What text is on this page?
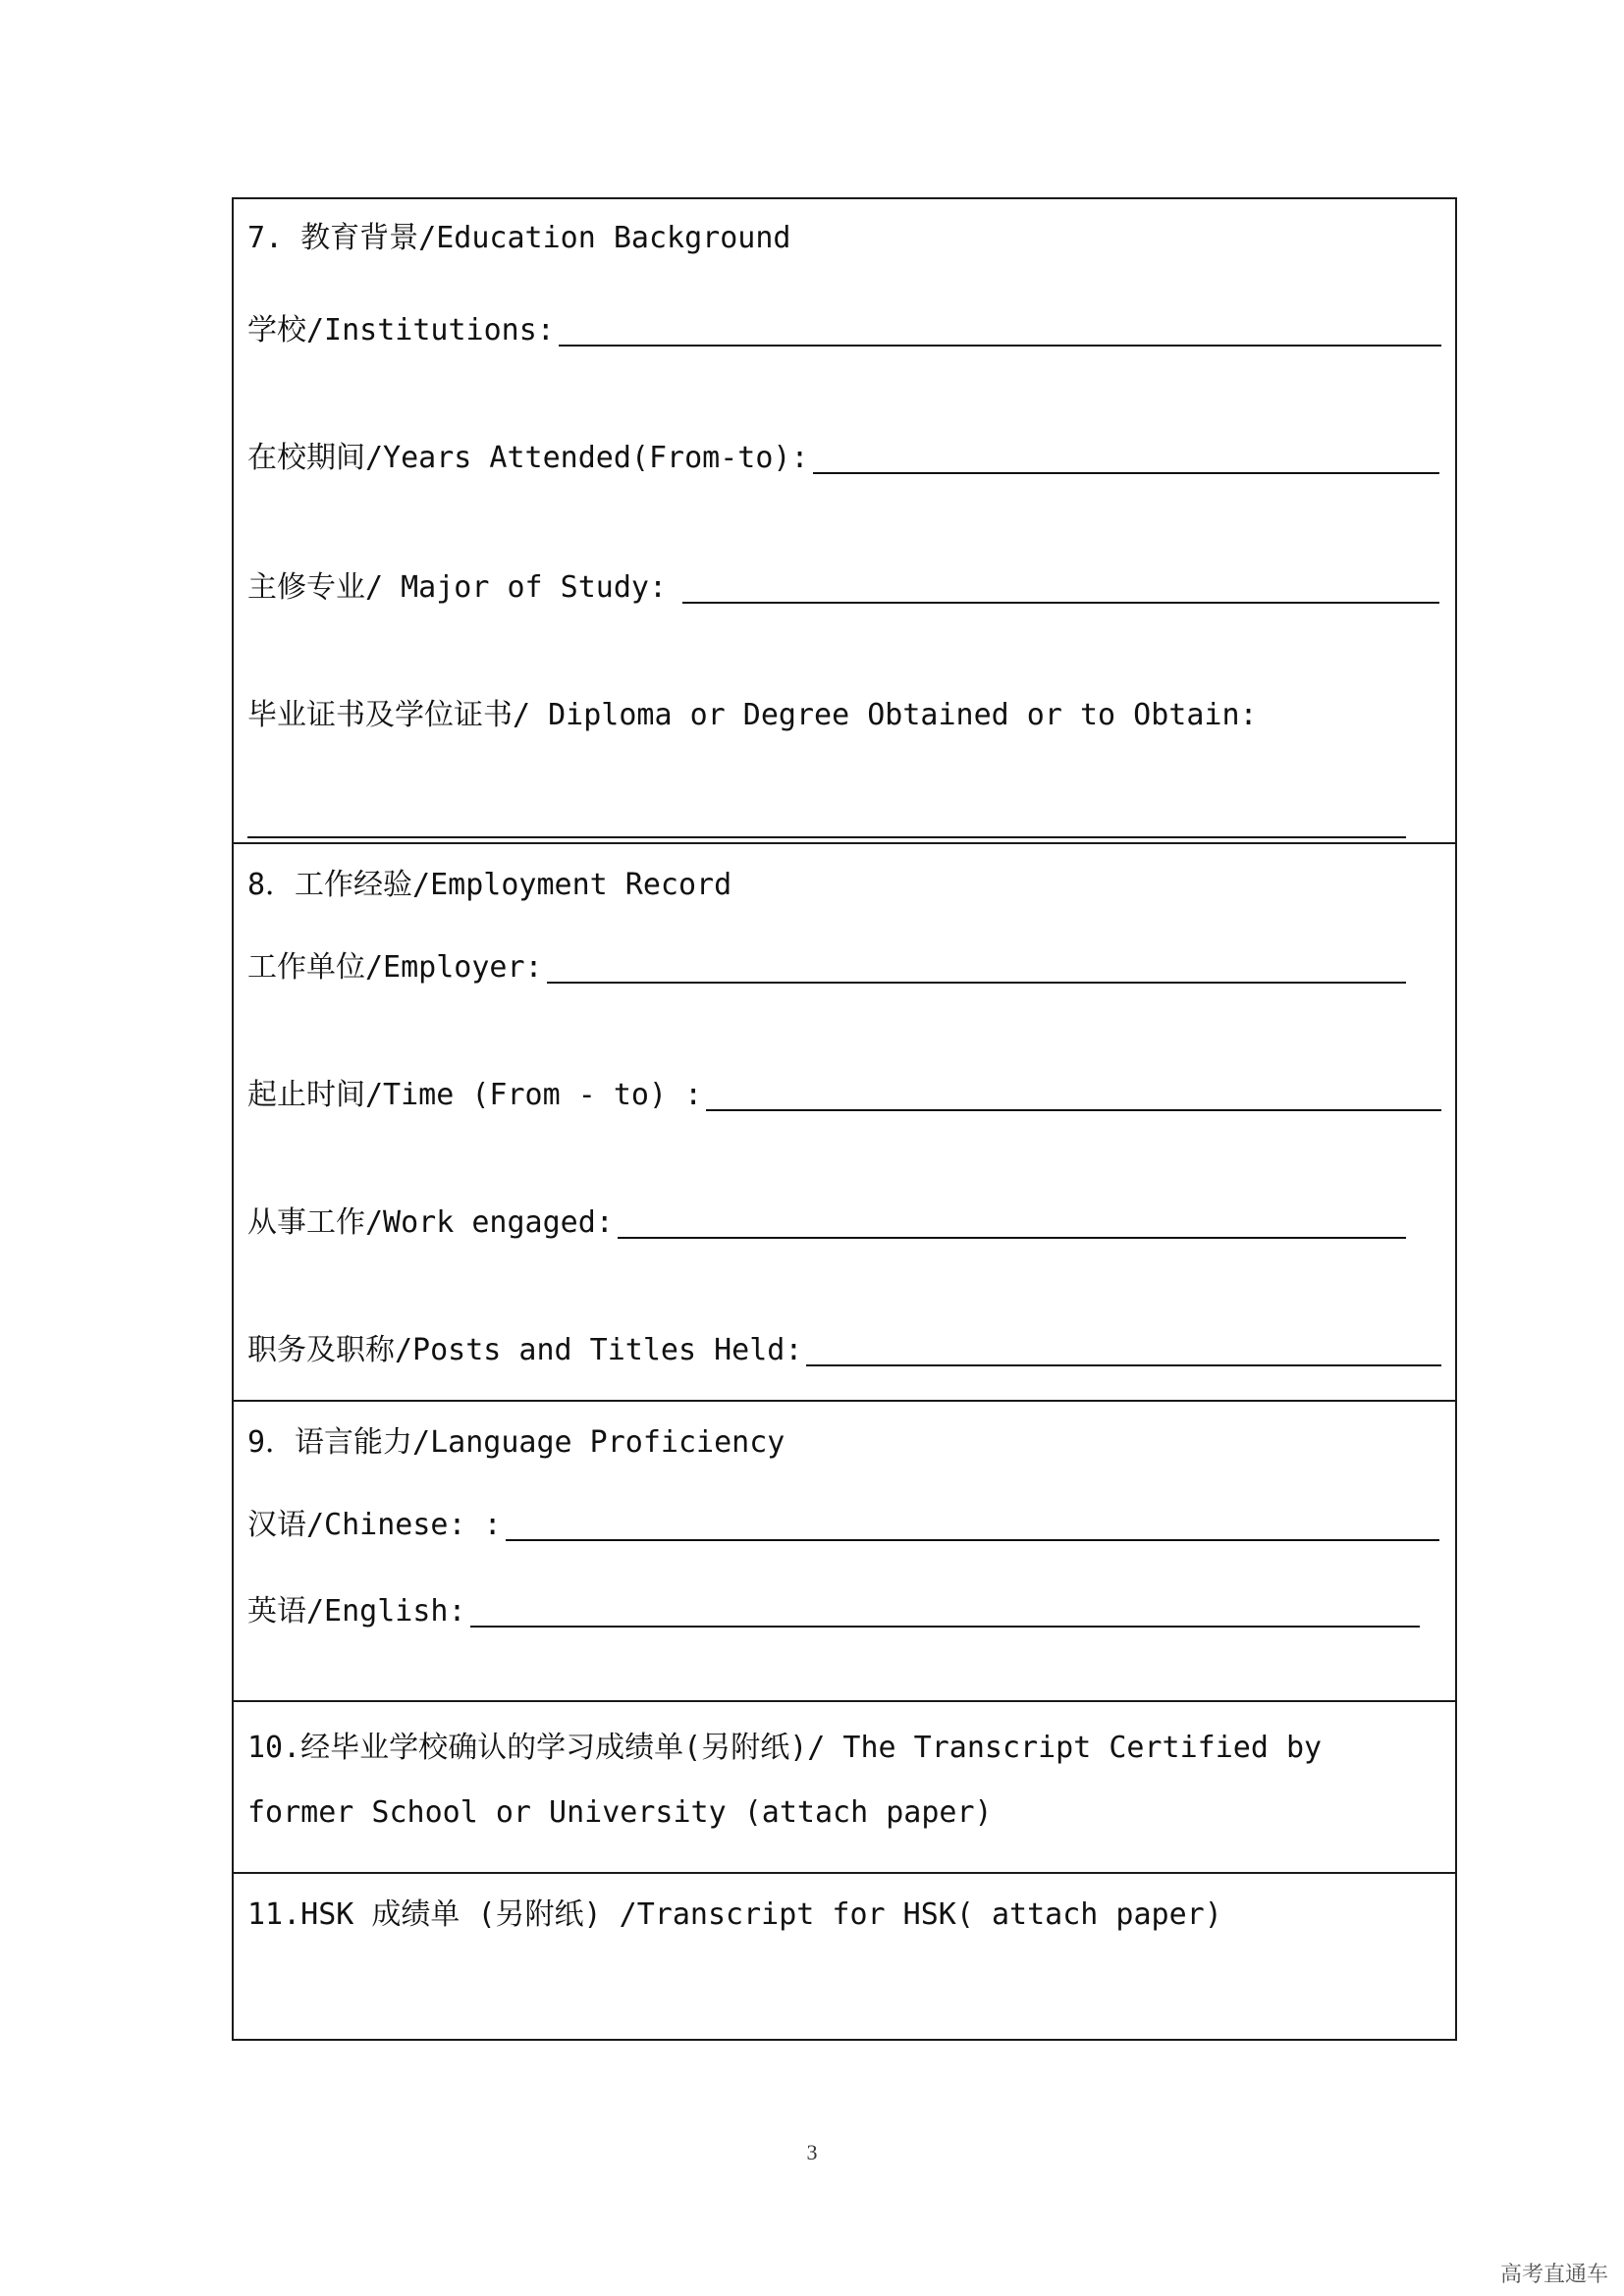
7. 教育背景/Education Background
学校/Institutions:
在校期间/Years Attended(From-to):
主修专业/ Major of Study:
毕业证书及学位证书/ Diploma or Degree Obtained or to Obtain:
8．工作经验/Employment Record
工作单位/Employer:
起止时间/Time (From - to) :
从事工作/Work engaged:
职务及职称/Posts and Titles Held:
9．语言能力/Language Proficiency
汉语/Chinese: :
英语/English:
10.经毕业学校确认的学习成绩单(另附纸)/ The Transcript Certified by former School or University (attach paper)
11.HSK 成绩单 (另附纸) /Transcript for HSK( attach paper)
3
高考直通车
